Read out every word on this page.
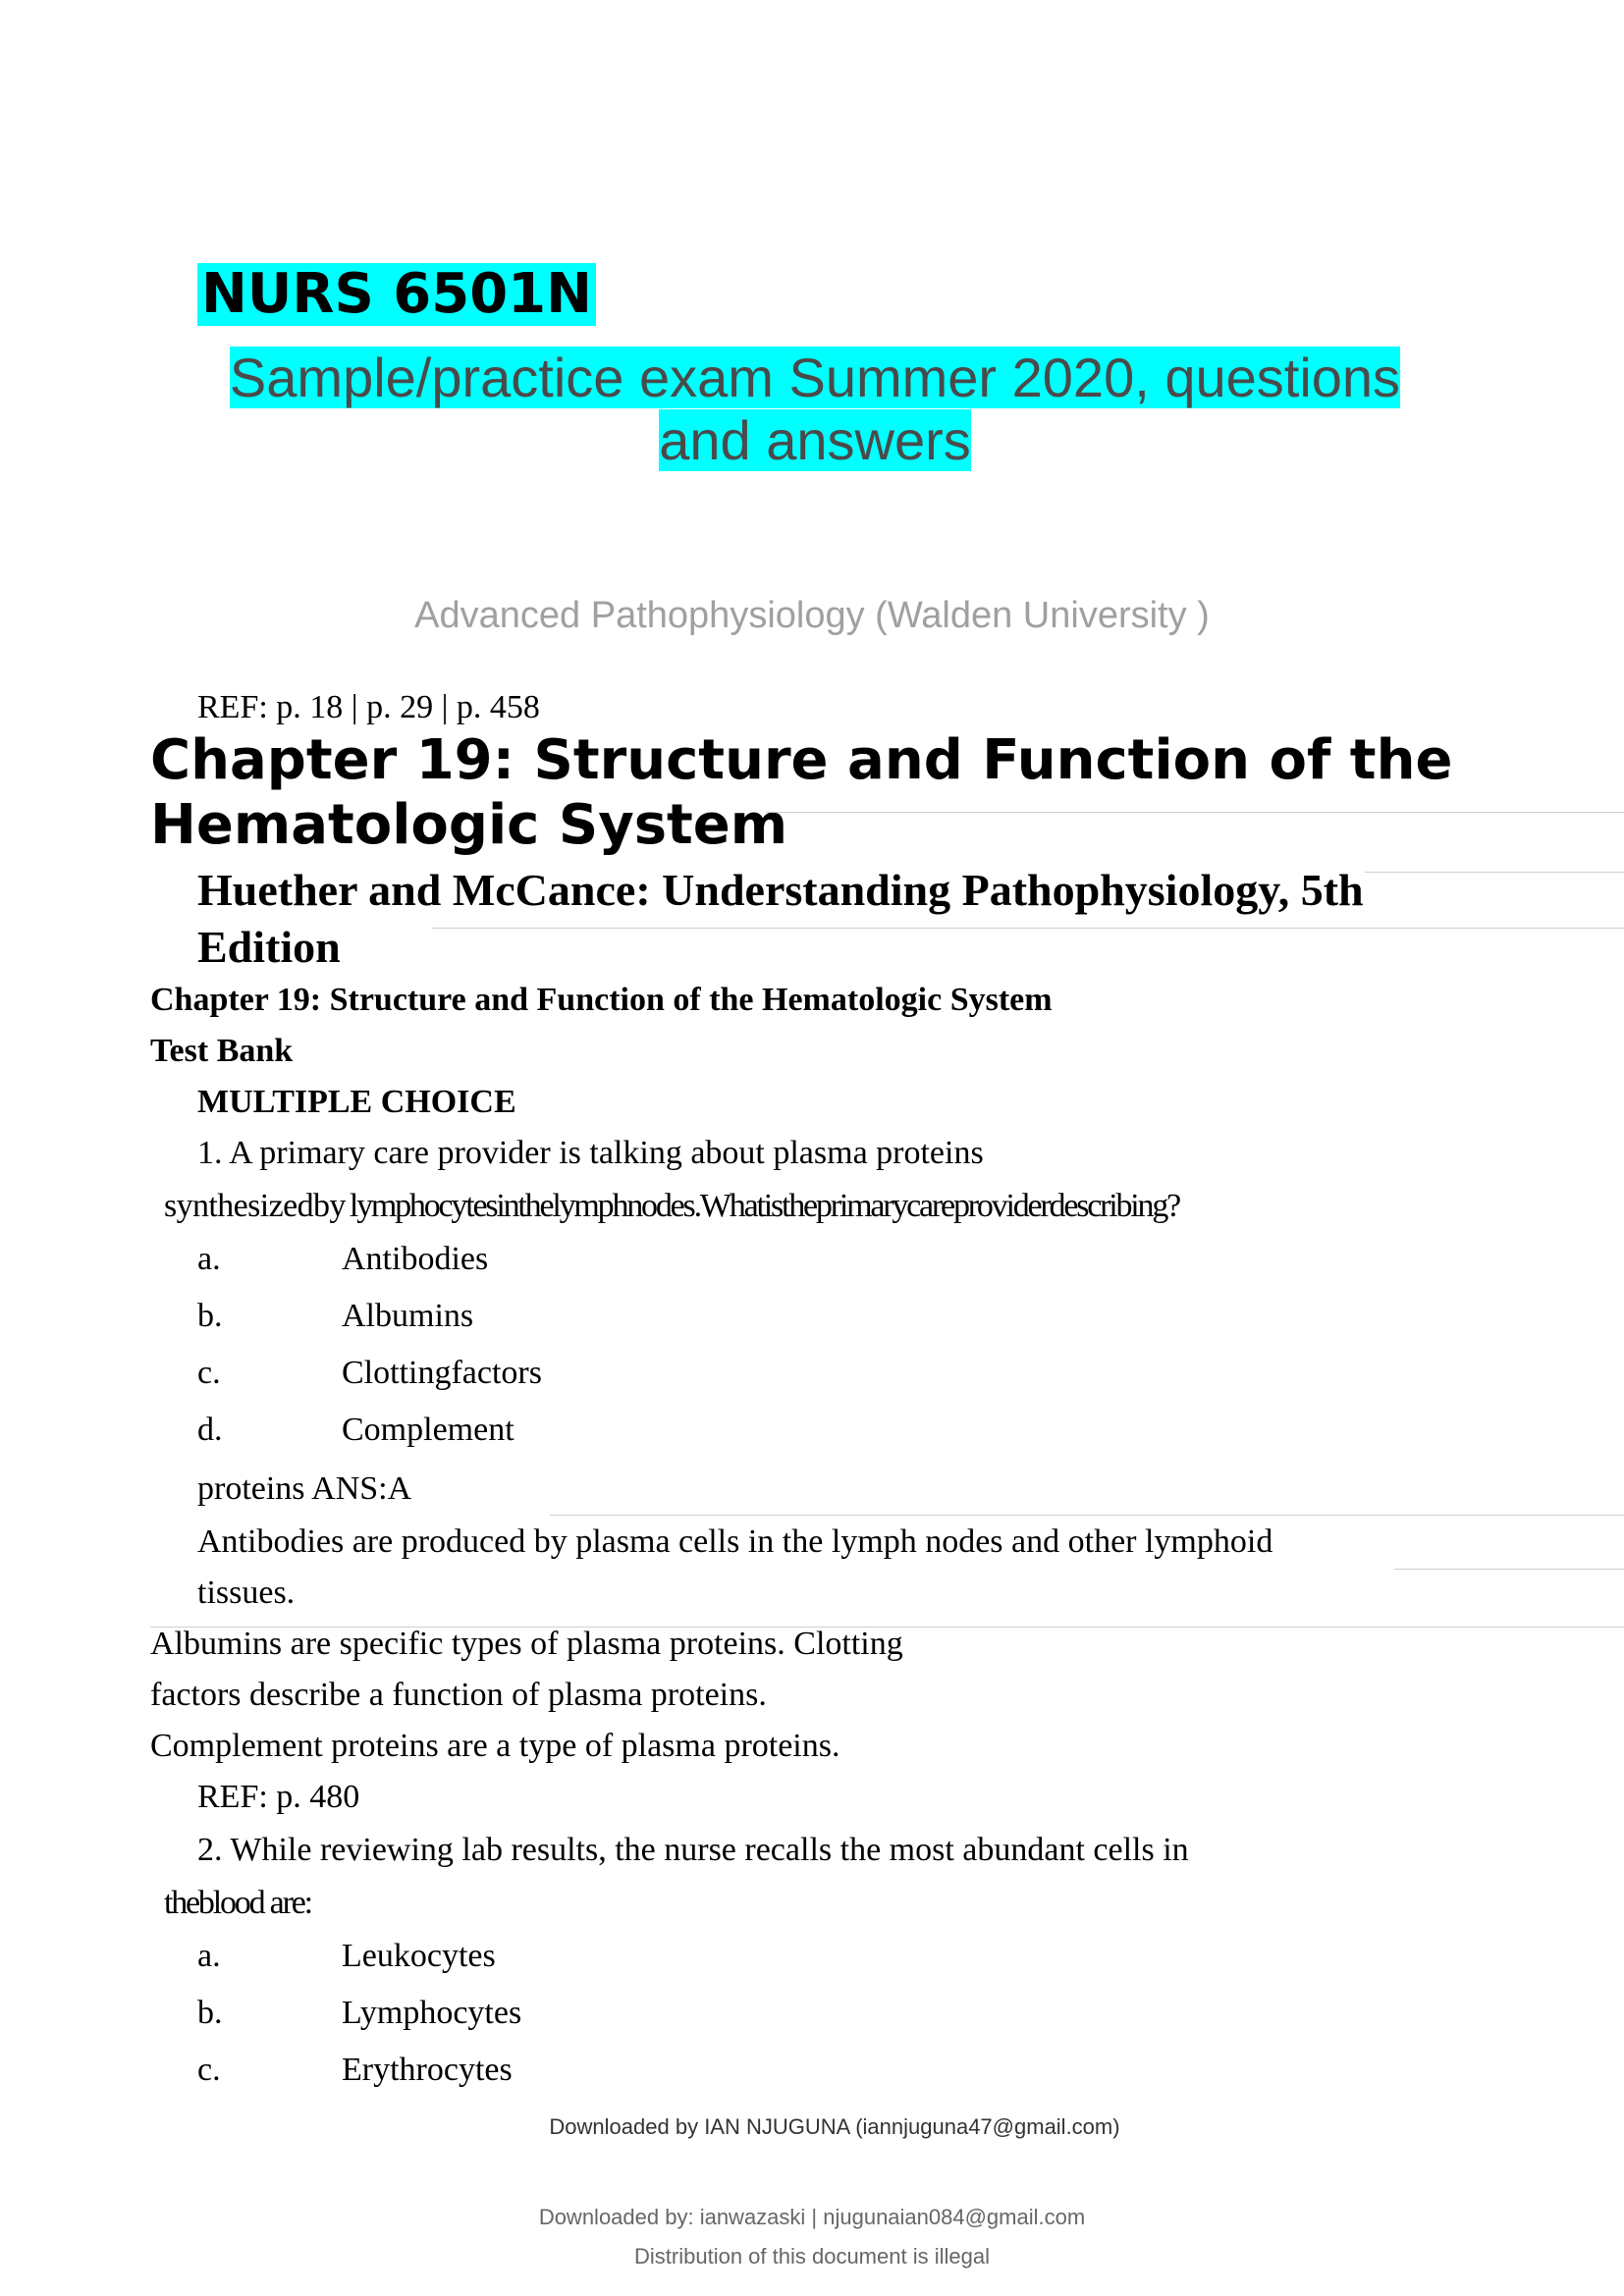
NURS 6501N
Sample/practice exam Summer 2020, questions and answers
Advanced Pathophysiology (Walden University )
REF: p. 18 | p. 29 | p. 458
Chapter 19: Structure and Function of the Hematologic System
Huether and McCance: Understanding Pathophysiology, 5th Edition
Chapter 19: Structure and Function of the Hematologic System
Test Bank
MULTIPLE CHOICE
1. A primary care provider is talking about plasma proteins
synthesizedby lymphocytesinthelymphnodes.Whatistheprimarycareproviderdescribing?
a.	Antibodies
b.	Albumins
c.	Clottingfactors
d.	Complement
proteins ANS:A
Antibodies are produced by plasma cells in the lymph nodes and other lymphoid
tissues.
Albumins are specific types of plasma proteins. Clotting
factors describe a function of plasma proteins.
Complement proteins are a type of plasma proteins.
REF: p. 480
2. While reviewing lab results, the nurse recalls the most abundant cells in
theblood are:
a.	Leukocytes
b.	Lymphocytes
c.	Erythrocytes
Downloaded by IAN NJUGUNA (iannjuguna47@gmail.com)
Downloaded by: ianwazaski | njugunaian084@gmail.com
Distribution of this document is illegal
